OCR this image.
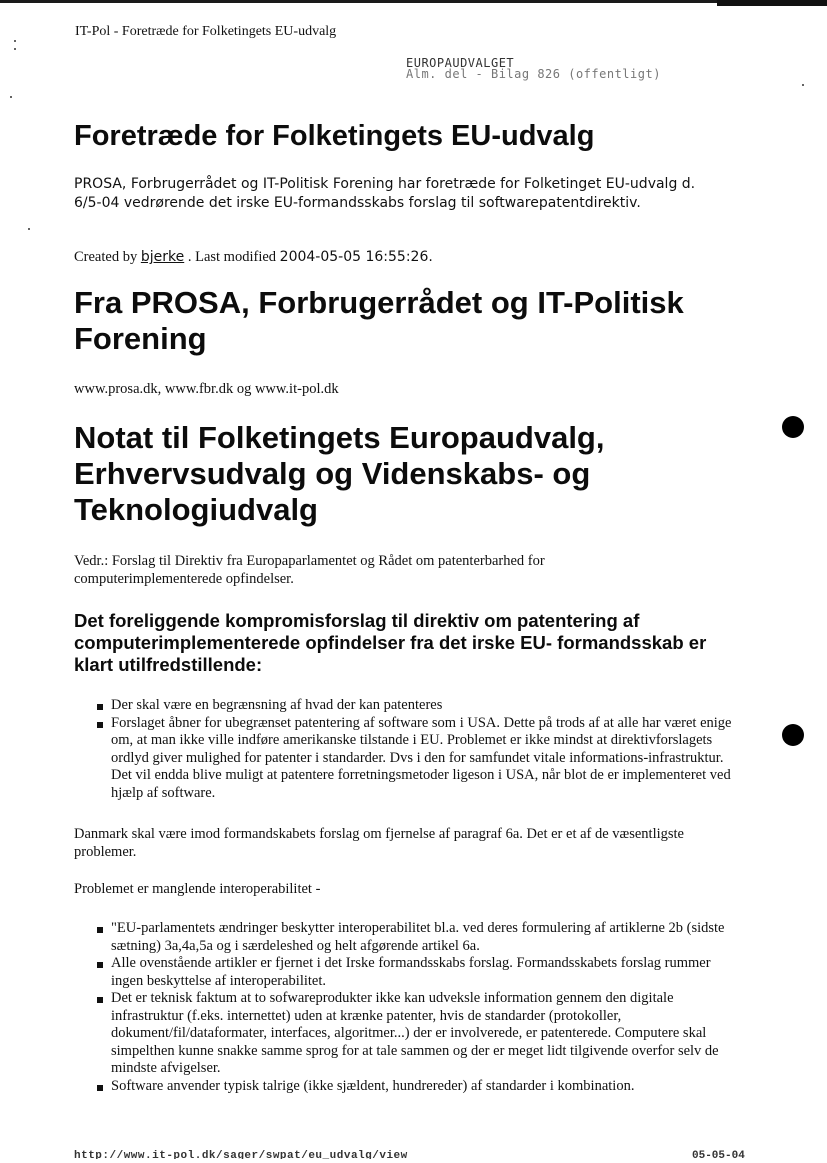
IT-Pol - Foretræde for Folketingets EU-udvalg
EUROPAUDVALGET
Alm. del - Bilag 826 (offentligt)
Foretræde for Folketingets EU-udvalg
PROSA, Forbrugerrådet og IT-Politisk Forening har foretræde for Folketinget EU-udvalg d. 6/5-04 vedrørende det irske EU-formandsskabs forslag til softwarepatentdirektiv.
Created by bjerke . Last modified 2004-05-05 16:55:26.
Fra PROSA, Forbrugerrådet og IT-Politisk Forening
www.prosa.dk, www.fbr.dk og www.it-pol.dk
Notat til Folketingets Europaudvalg, Erhvervsudvalg og Videnskabs- og Teknologiudvalg
Vedr.: Forslag til Direktiv fra Europaparlamentet og Rådet om patenterbarhed for computerimplementerede opfindelser.
Det foreliggende kompromisforslag til direktiv om patentering af computerimplementerede opfindelser fra det irske EU- formandsskab er klart utilfredstillende:
Der skal være en begrænsning af hvad der kan patenteres
Forslaget åbner for ubegrænset patentering af software som i USA. Dette på trods af at alle har været enige om, at man ikke ville indføre amerikanske tilstande i EU. Problemet er ikke mindst at direktivforslagets ordlyd giver mulighed for patenter i standarder. Dvs i den for samfundet vitale informations-infrastruktur. Det vil endda blive muligt at patentere forretningsmetoder ligeson i USA, når blot de er implementeret ved hjælp af software.
Danmark skal være imod formandskabets forslag om fjernelse af paragraf 6a. Det er et af de væsentligste problemer.
Problemet er manglende interoperabilitet -
"EU-parlamentets ændringer beskytter interoperabilitet bl.a. ved deres formulering af artiklerne 2b (sidste sætning) 3a,4a,5a og i særdeleshed og helt afgørende artikel 6a.
Alle ovenstående artikler er fjernet i det Irske formandsskabs forslag. Formandsskabets forslag rummer ingen beskyttelse af interoperabilitet.
Det er teknisk faktum at to sofwareprodukter ikke kan udveksle information gennem den digitale infrastruktur (f.eks. internettet) uden at krænke patenter, hvis de standarder (protokoller, dokument/fil/dataformater, interfaces, algoritmer...) der er involverede, er patenterede. Computere skal simpelthen kunne snakke samme sprog for at tale sammen og der er meget lidt tilgivende overfor selv de mindste afvigelser.
Software anvender typisk talrige (ikke sjældent, hundrereder) af standarder i kombination.
http://www.it-pol.dk/sager/swpat/eu_udvalg/view	05-05-04
